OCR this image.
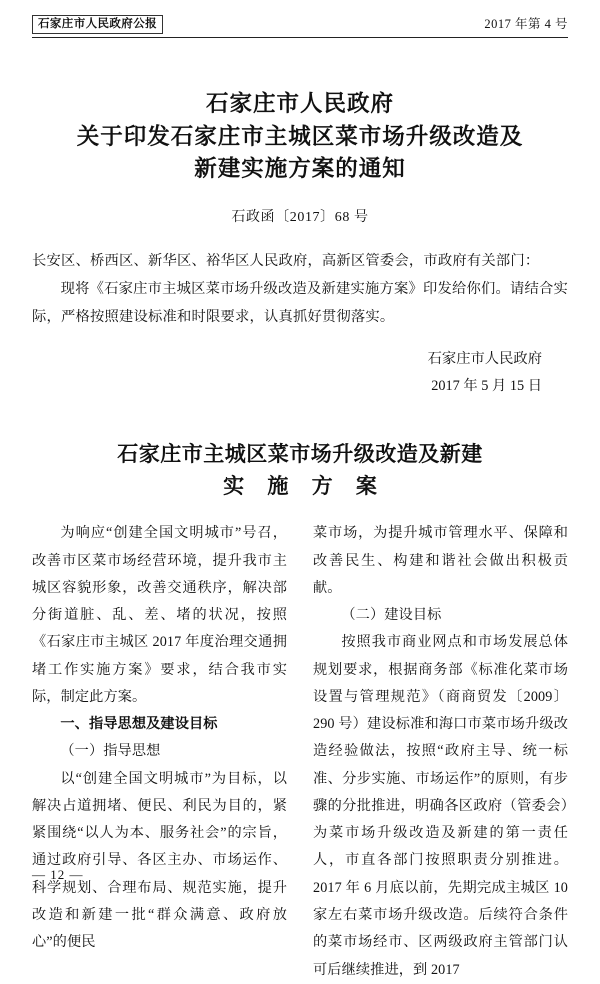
石家庄市人民政府公报	2017 年第 4 号
石家庄市人民政府
关于印发石家庄市主城区菜市场升级改造及
新建实施方案的通知
石政函〔2017〕68 号

长安区、桥西区、新华区、裕华区人民政府，高新区管委会，市政府有关部门：

现将《石家庄市主城区菜市场升级改造及新建实施方案》印发给你们。请结合实际，严格按照建设标准和时限要求，认真抓好贯彻落实。

石家庄市人民政府
2017 年 5 月 15 日
石家庄市主城区菜市场升级改造及新建
实 施 方 案

为响应“创建全国文明城市”号召，改善市区菜市场经营环境，提升我市主城区容貌形象，改善交通秩序，解决部分街道脏、乱、差、堵的状况，按照《石家庄市主城区 2017 年度治理交通拥堵工作实施方案》要求，结合我市实际，制定此方案。

一、指导思想及建设目标

（一）指导思想

以“创建全国文明城市”为目标，以解决占道拥堵、便民、利民为目的，紧紧围绕“以人为本、服务社会”的宗旨，通过政府引导、各区主办、市场运作、科学规划、合理布局、规范实施，提升改造和新建一批“群众满意、政府放心”的便民

菜市场，为提升城市管理水平、保障和改善民生、构建和谐社会做出积极贡献。

（二）建设目标

按照我市商业网点和市场发展总体规划要求，根据商务部《标准化菜市场设置与管理规范》（商商贸发〔2009〕290 号）建设标准和海口市菜市场升级改造经验做法，按照“政府主导、统一标准、分步实施、市场运作”的原则，有步骤的分批推进，明确各区政府（管委会）为菜市场升级改造及新建的第一责任人，市直各部门按照职责分别推进。2017 年 6 月底以前，先期完成主城区 10 家左右菜市场升级改造。后续符合条件的菜市场经市、区两级政府主管部门认可后继续推进，到 2017

— 12 —
